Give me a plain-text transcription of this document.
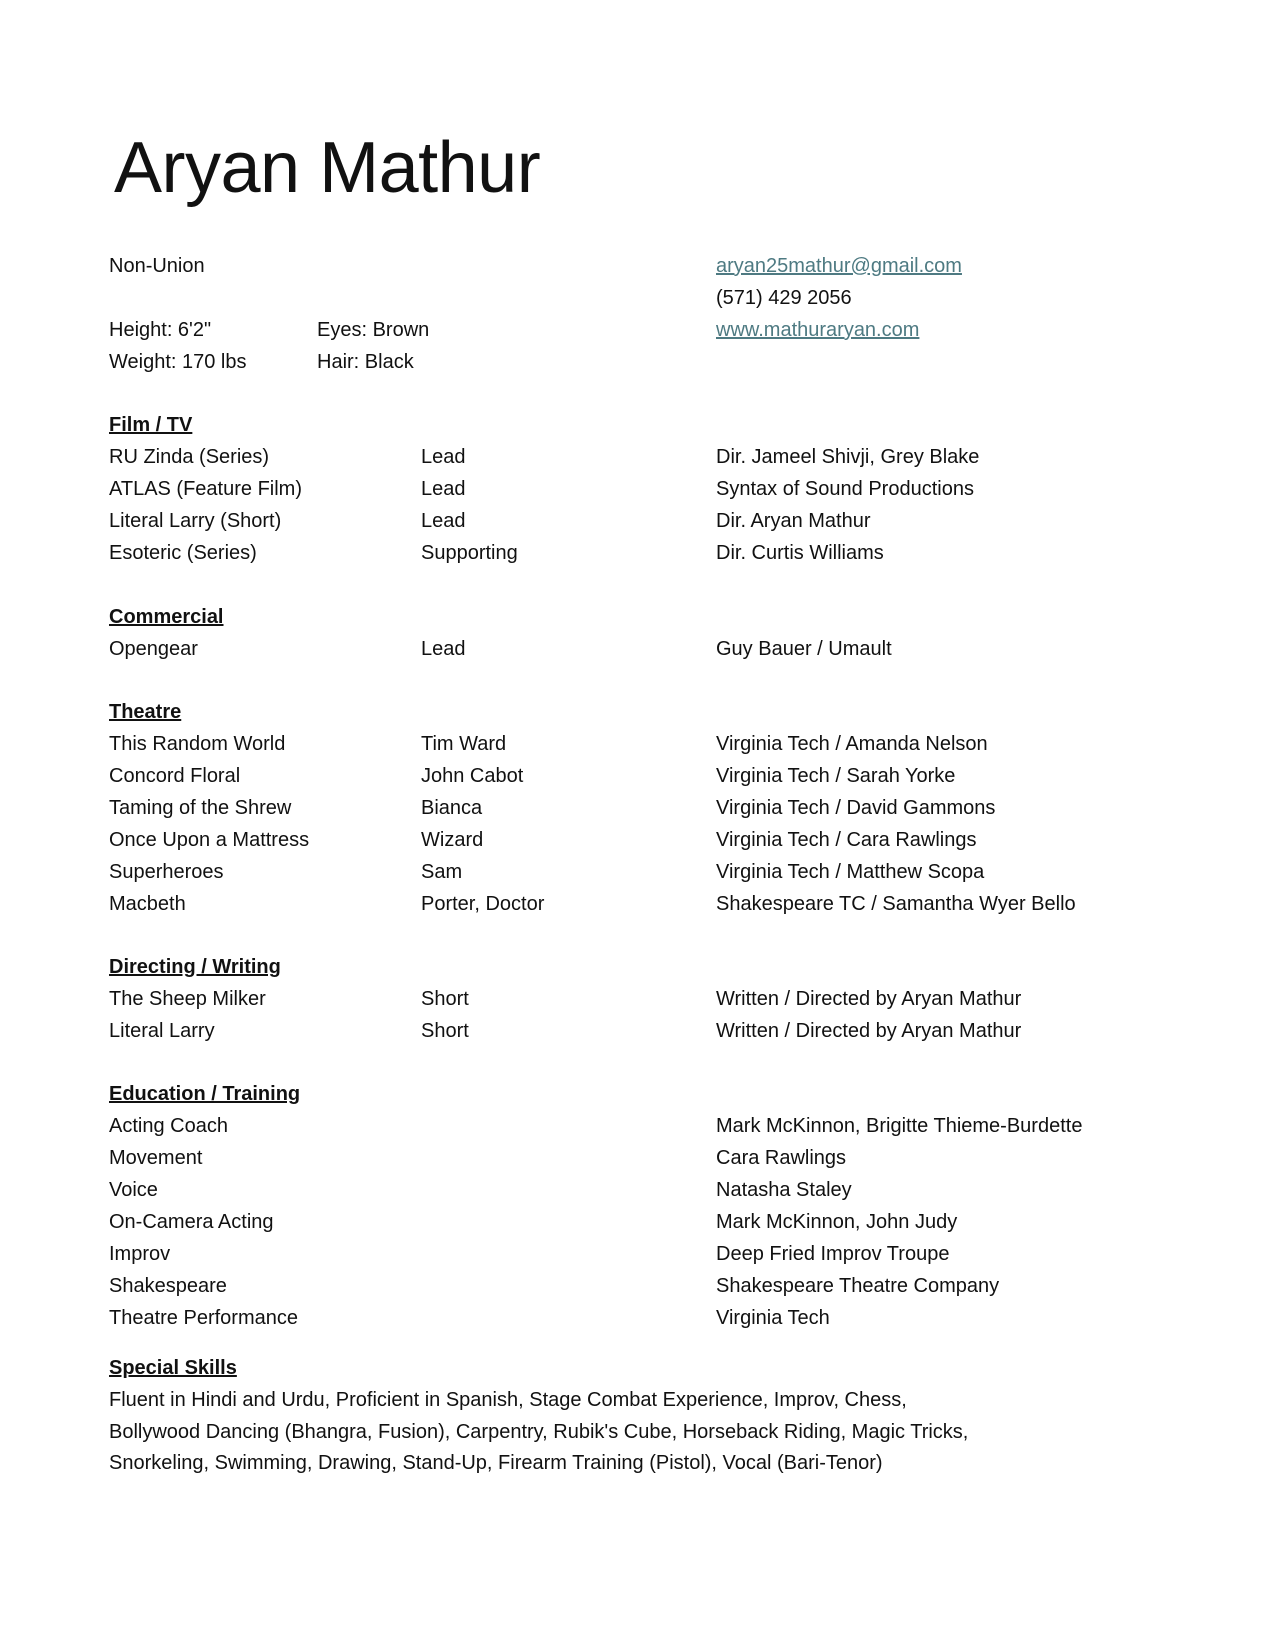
Aryan Mathur
Non-Union	aryan25mathur@gmail.com
(571) 429 2056
www.mathuraryan.com
Height: 6'2"	Eyes: Brown
Weight: 170 lbs	Hair: Black
Film / TV
RU Zinda (Series)	Lead	Dir. Jameel Shivji, Grey Blake
ATLAS (Feature Film)	Lead	Syntax of Sound Productions
Literal Larry (Short)	Lead	Dir. Aryan Mathur
Esoteric (Series)	Supporting	Dir. Curtis Williams
Commercial
Opengear	Lead	Guy Bauer / Umault
Theatre
This Random World	Tim Ward	Virginia Tech / Amanda Nelson
Concord Floral	John Cabot	Virginia Tech / Sarah Yorke
Taming of the Shrew	Bianca	Virginia Tech / David Gammons
Once Upon a Mattress	Wizard	Virginia Tech / Cara Rawlings
Superheroes	Sam	Virginia Tech / Matthew Scopa
Macbeth	Porter, Doctor	Shakespeare TC / Samantha Wyer Bello
Directing / Writing
The Sheep Milker	Short	Written / Directed by Aryan Mathur
Literal Larry	Short	Written / Directed by Aryan Mathur
Education / Training
Acting Coach	Mark McKinnon, Brigitte Thieme-Burdette
Movement	Cara Rawlings
Voice	Natasha Staley
On-Camera Acting	Mark McKinnon, John Judy
Improv	Deep Fried Improv Troupe
Shakespeare	Shakespeare Theatre Company
Theatre Performance	Virginia Tech
Special Skills

Fluent in Hindi and Urdu, Proficient in Spanish, Stage Combat Experience, Improv, Chess,
Bollywood Dancing (Bhangra, Fusion), Carpentry, Rubik's Cube, Horseback Riding, Magic Tricks,
Snorkeling, Swimming, Drawing, Stand-Up, Firearm Training (Pistol), Vocal (Bari-Tenor)
